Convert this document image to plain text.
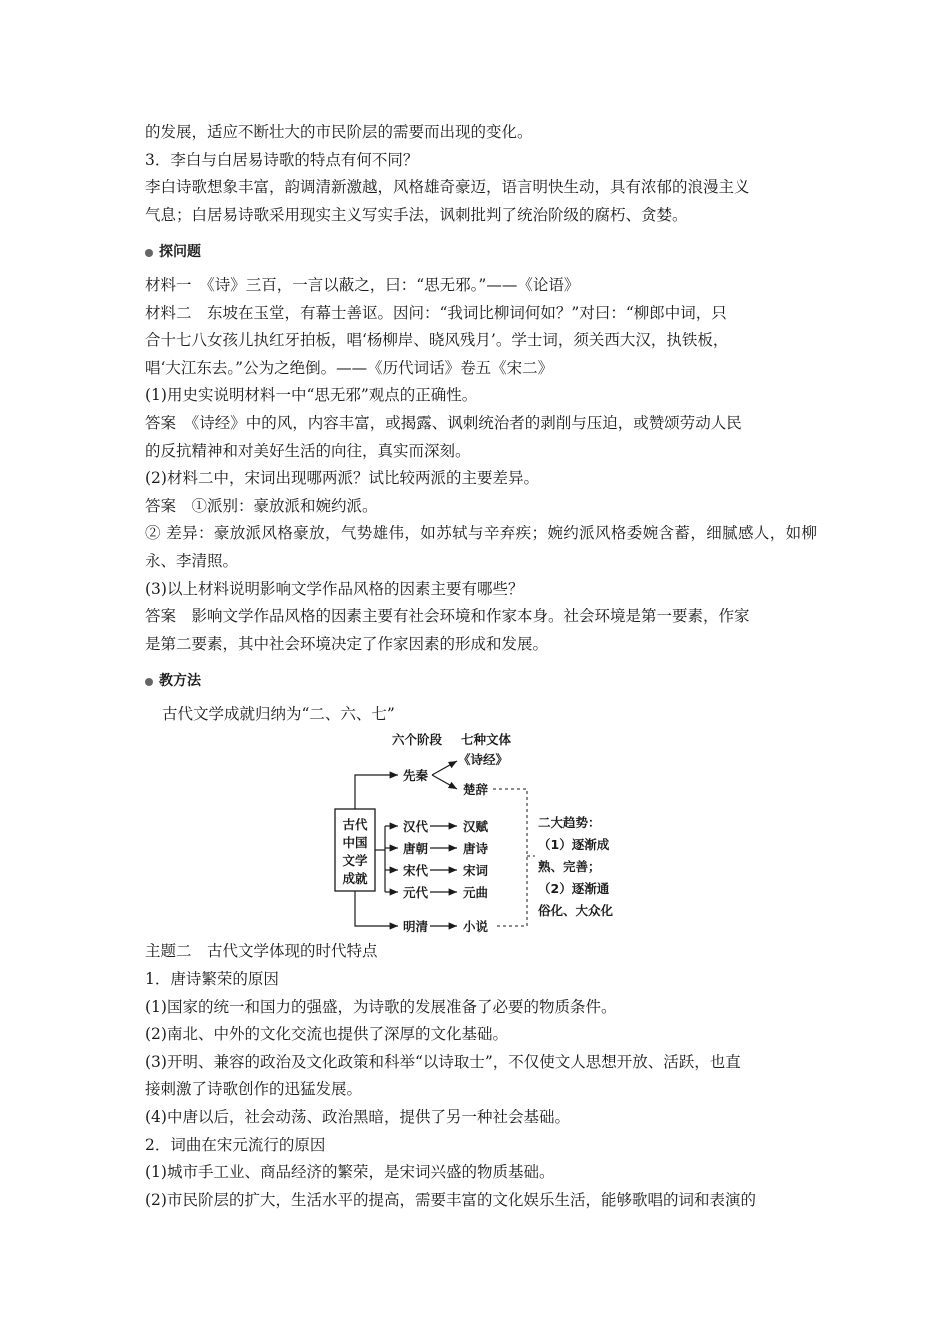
的发展，适应不断壮大的市民阶层的需要而出现的变化。

3．李白与白居易诗歌的特点有何不同？

李白诗歌想象丰富，韵调清新激越，风格雄奇豪迈，语言明快生动，具有浓郁的浪漫主义

气息；白居易诗歌采用现实主义写实手法，讽刺批判了统治阶级的腐朽、贪婪。

探问题

材料一　《诗》三百，一言以蔽之，曰：“思无邪。”——《论语》

材料二　东坡在玉堂，有幕士善讴。因问：“我词比柳词何如？”对曰：“柳郎中词，只

合十七八女孩儿执红牙拍板，唱‘杨柳岸、晓风残月’。学士词，须关西大汉，执铁板，

唱‘大江东去。”公为之绝倒。——《历代词话》卷五《宋二》

(1)用史实说明材料一中“思无邪”观点的正确性。

答案　《诗经》中的风，内容丰富，或揭露、讽刺统治者的剥削与压迫，或赞颂劳动人民

的反抗精神和对美好生活的向往，真实而深刻。

(2)材料二中，宋词出现哪两派？试比较两派的主要差异。

答案　①派别：豪放派和婉约派。

② 差异：豪放派风格豪放，气势雄伟，如苏轼与辛弃疾；婉约派风格委婉含蓄，细腻感人，如柳永、李清照。

(3)以上材料说明影响文学作品风格的因素主要有哪些？

答案　影响文学作品风格的因素主要有社会环境和作家本身。社会环境是第一要素，作家

是第二要素，其中社会环境决定了作家因素的形成和发展。

教方法

古代文学成就归纳为“二、六、七”

六个阶段 七种文体
古代
中国
文学
成就
先秦
汉代
唐朝
宋代
元代
明清
《诗经》
楚辞
汉赋
唐诗
宋词
元曲
小说
二大趋势：
（1）逐渐成
熟、完善；
（2）逐渐通
俗化、大众化

主题二　古代文学体现的时代特点

1．唐诗繁荣的原因

(1)国家的统一和国力的强盛，为诗歌的发展准备了必要的物质条件。

(2)南北、中外的文化交流也提供了深厚的文化基础。

(3)开明、兼容的政治及文化政策和科举“以诗取士”，不仅使文人思想开放、活跃，也直

接刺激了诗歌创作的迅猛发展。

(4)中唐以后，社会动荡、政治黑暗，提供了另一种社会基础。

2．词曲在宋元流行的原因

(1)城市手工业、商品经济的繁荣，是宋词兴盛的物质基础。

(2)市民阶层的扩大，生活水平的提高，需要丰富的文化娱乐生活，能够歌唱的词和表演的
